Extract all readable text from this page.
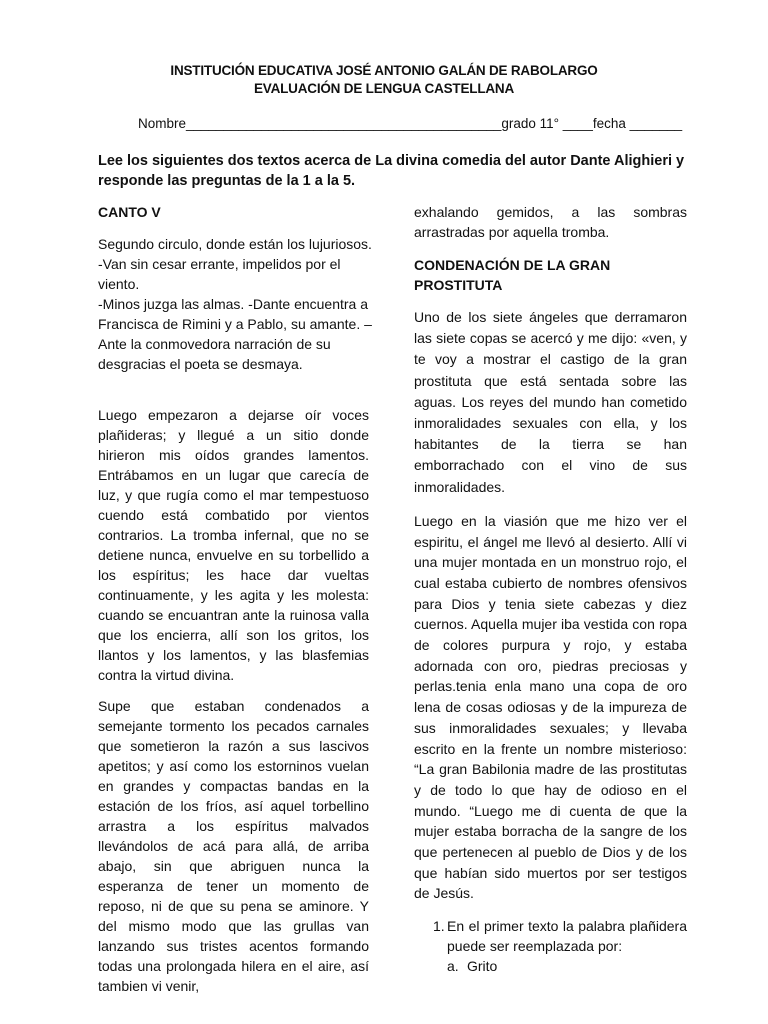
INSTITUCIÓN EDUCATIVA JOSÉ ANTONIO GALÁN DE RABOLARGO
EVALUACIÓN DE LENGUA CASTELLANA
Nombre__________________________________________grado 11° ____fecha _______
Lee los siguientes dos textos acerca de La divina comedia del autor Dante Alighieri y responde las preguntas de la 1 a la 5.

CANTO V

Segundo circulo, donde están los lujuriosos.
-Van sin cesar errante, impelidos por el
viento.
-Minos juzga las almas. -Dante encuentra a
Francisca de Rimini y a Pablo, su amante. –
Ante la conmovedora narración de su
desgracias el poeta se desmaya.

Luego empezaron a dejarse oír voces plañideras; y llegué a un sitio donde hirieron mis oídos grandes lamentos. Entrábamos en un lugar que carecía de luz, y que rugía como el mar tempestuoso cuendo está combatido por vientos contrarios. La tromba infernal, que no se detiene nunca, envuelve en su torbellido a los espíritus; les hace dar vueltas continuamente, y les agita y les molesta: cuando se encuantran ante la ruinosa valla que los encierra, allí son los gritos, los llantos y los lamentos, y las blasfemias contra la virtud divina.

Supe que estaban condenados a semejante tormento los pecados carnales que sometieron la razón a sus lascivos apetitos; y así como los estorninos vuelan en grandes y compactas bandas en la estación de los fríos, así aquel torbellino arrastra a los espíritus malvados llevándolos de acá para allá, de arriba abajo, sin que abriguen nunca la esperanza de tener un momento de reposo, ni de que su pena se aminore. Y del mismo modo que las grullas van lanzando sus tristes acentos formando todas una prolongada hilera en el aire, así tambien vi venir,

exhalando gemidos, a las sombras arrastradas por aquella tromba.

CONDENACIÓN DE LA GRAN PROSTITUTA

Uno de los siete ángeles que derramaron las siete copas se acercó y me dijo: «ven, y te voy a mostrar el castigo de la gran prostituta que está sentada sobre las aguas. Los reyes del mundo han cometido inmoralidades sexuales con ella, y los habitantes de la tierra se han emborrachado con el vino de sus inmoralidades.

Luego en la viasión que me hizo ver el espiritu, el ángel me llevó al desierto. Allí vi una mujer montada en un monstruo rojo, el cual estaba cubierto de nombres ofensivos para Dios y tenia siete cabezas y diez cuernos. Aquella mujer iba vestida con ropa de colores purpura y rojo, y estaba adornada con oro, piedras preciosas y perlas.tenia enla mano una copa de oro lena de cosas odiosas y de la impureza de sus inmoralidades sexuales; y llevaba escrito en la frente un nombre misterioso: “La gran Babilonia madre de las prostitutas y de todo lo que hay de odioso en el mundo. “Luego me di cuenta de que la mujer estaba borracha de la sangre de los que pertenecen al pueblo de Dios y de los que habían sido muertos por ser testigos de Jesús.

1. En el primer texto la palabra plañidera puede ser reemplazada por:

a. Grito
